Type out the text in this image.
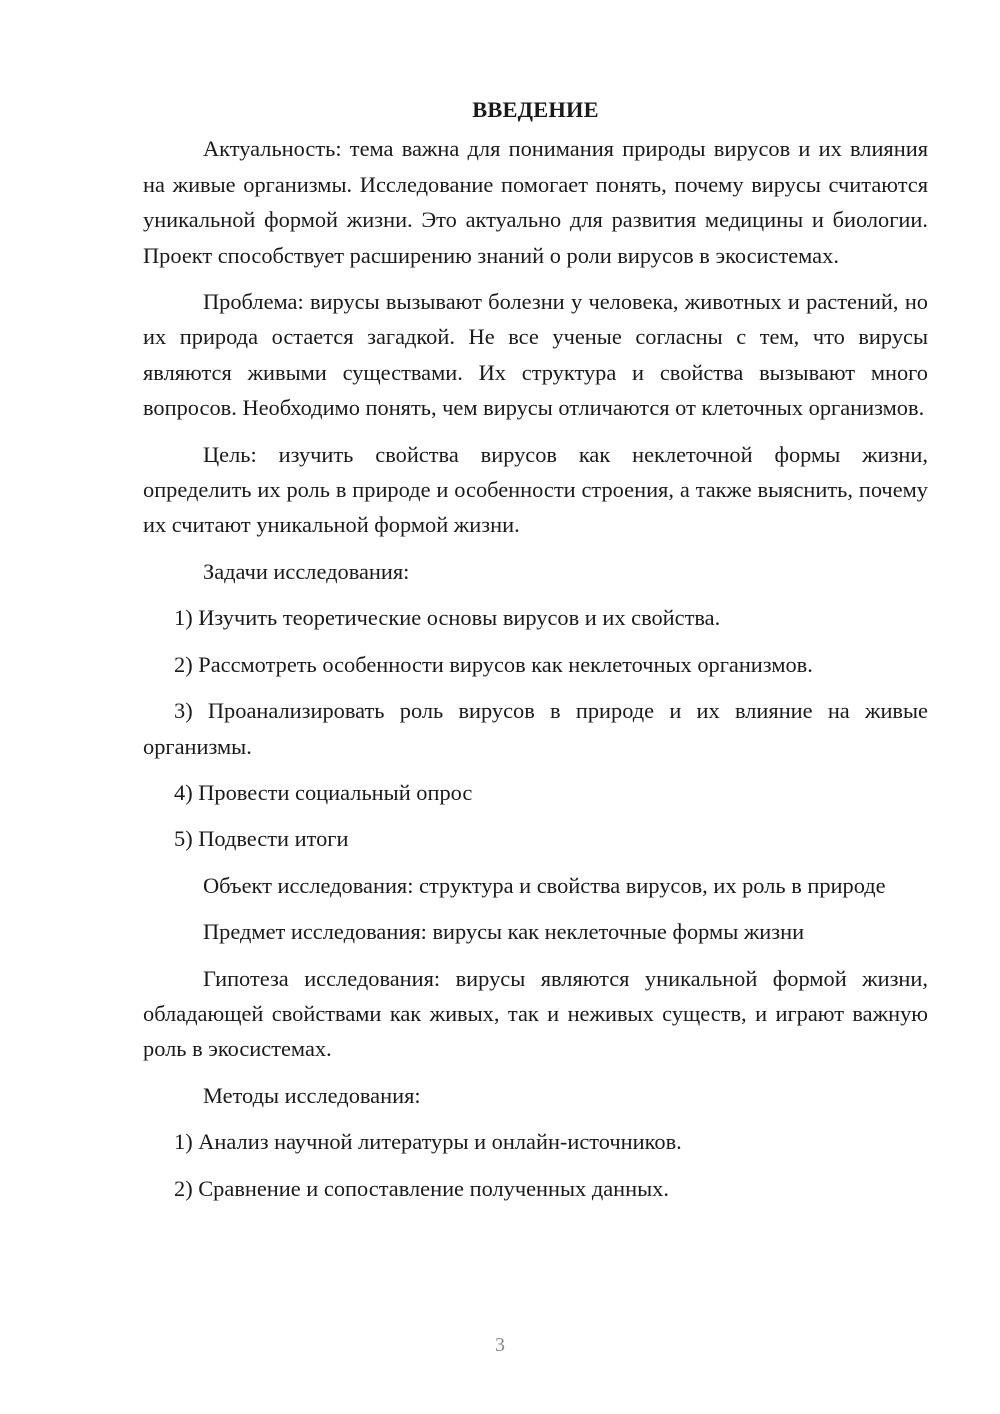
ВВЕДЕНИЕ

Актуальность: тема важна для понимания природы вирусов и их влияния на живые организмы. Исследование помогает понять, почему вирусы считаются уникальной формой жизни. Это актуально для развития медицины и биологии. Проект способствует расширению знаний о роли вирусов в экосистемах.

Проблема: вирусы вызывают болезни у человека, животных и растений, но их природа остается загадкой. Не все ученые согласны с тем, что вирусы являются живыми существами. Их структура и свойства вызывают много вопросов. Необходимо понять, чем вирусы отличаются от клеточных организмов.

Цель: изучить свойства вирусов как неклеточной формы жизни, определить их роль в природе и особенности строения, а также выяснить, почему их считают уникальной формой жизни.

Задачи исследования:

1) Изучить теоретические основы вирусов и их свойства.

2) Рассмотреть особенности вирусов как неклеточных организмов.

3) Проанализировать роль вирусов в природе и их влияние на живые организмы.

4) Провести социальный опрос

5) Подвести итоги

Объект исследования: структура и свойства вирусов, их роль в природе

Предмет исследования: вирусы как неклеточные формы жизни

Гипотеза исследования: вирусы являются уникальной формой жизни, обладающей свойствами как живых, так и неживых существ, и играют важную роль в экосистемах.

Методы исследования:

1) Анализ научной литературы и онлайн-источников.

2) Сравнение и сопоставление полученных данных.

3
